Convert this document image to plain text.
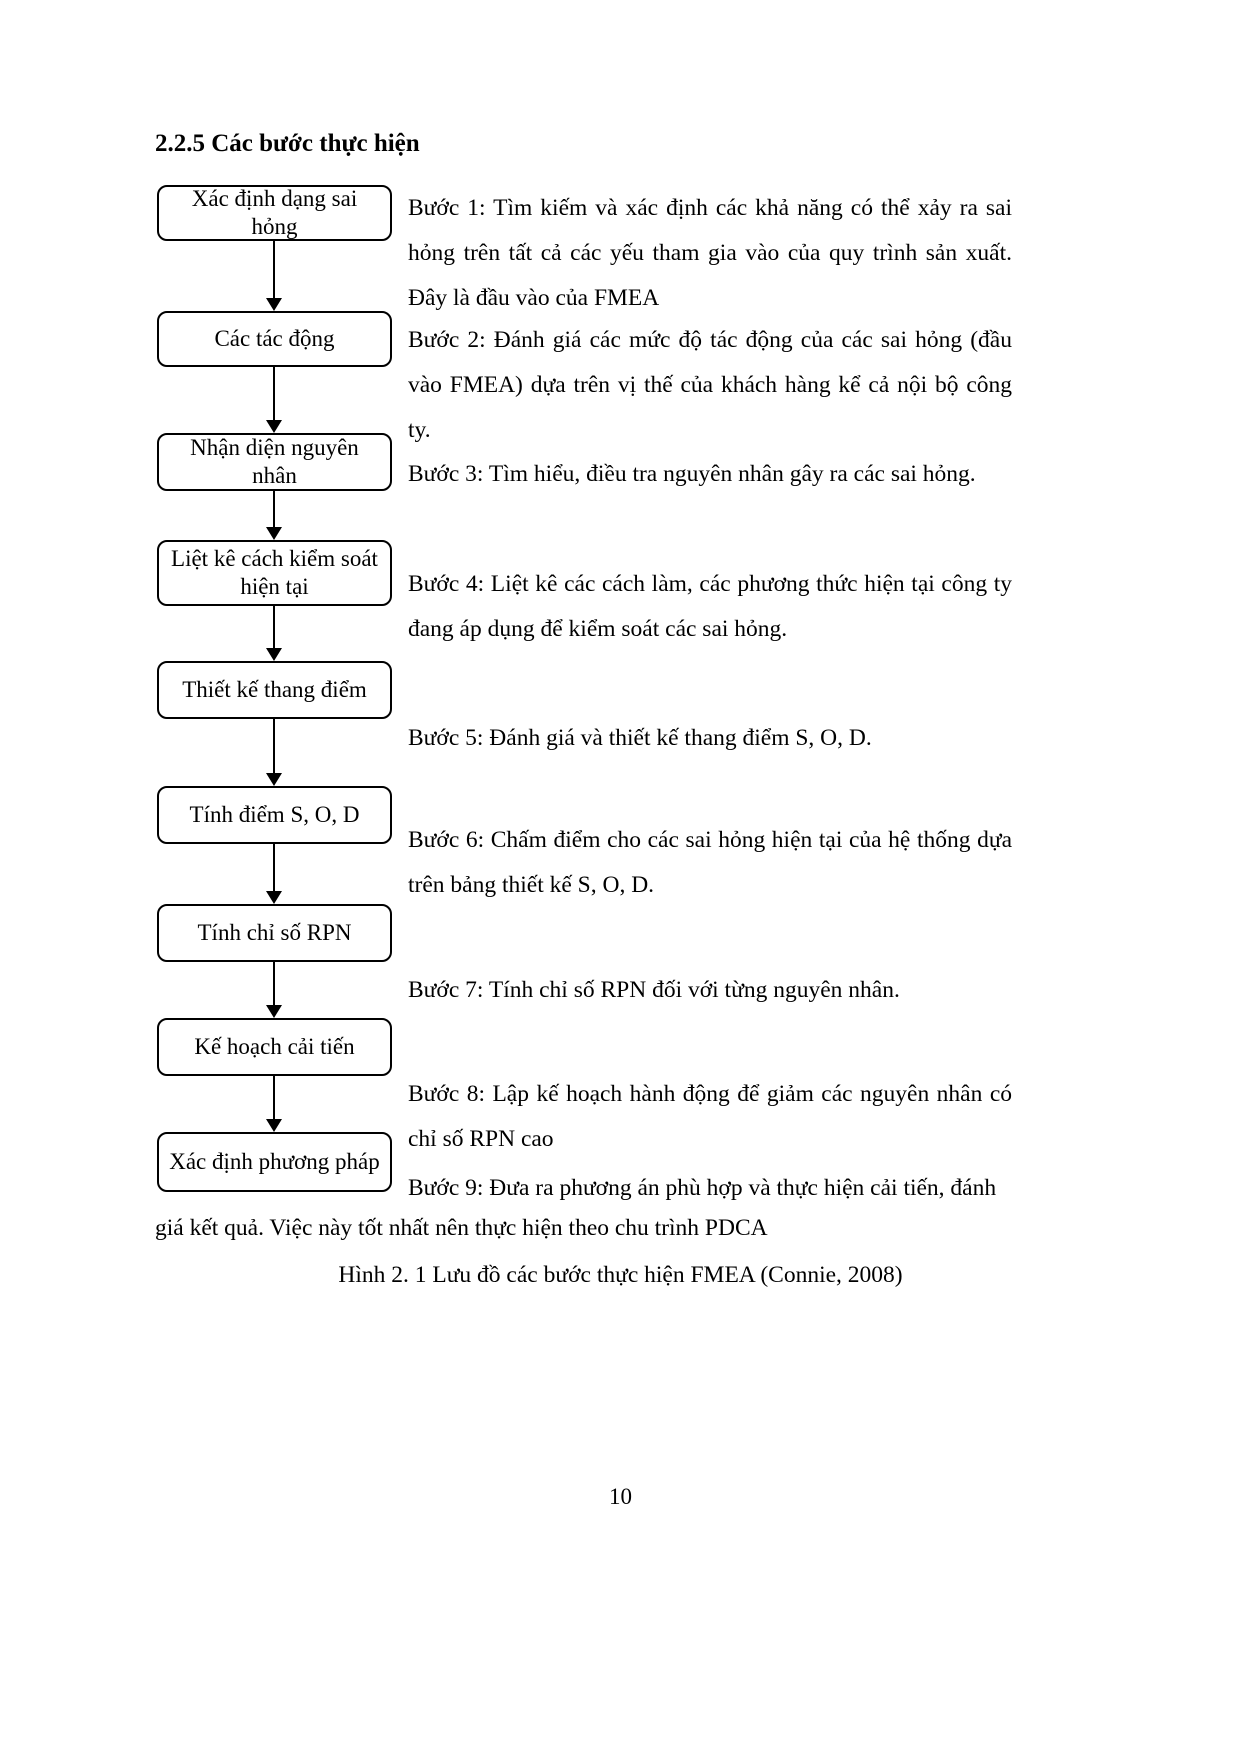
2.2.5 Các bước thực hiện
Xác định dạng sai hỏng
Các tác động
Nhận diện nguyên nhân
Liệt kê cách kiểm soát hiện tại
Thiết kế thang điểm
Tính điểm S, O, D
Tính chỉ số RPN
Kế hoạch cải tiến
Xác định phương pháp

Bước 1: Tìm kiếm và xác định các khả năng có thể xảy ra sai hỏng trên tất cả các yếu tham gia vào của quy trình sản xuất. Đây là đầu vào của FMEA

Bước 2: Đánh giá các mức độ tác động của các sai hỏng (đầu vào FMEA) dựa trên vị thế của khách hàng kể cả nội bộ công ty.

Bước 3: Tìm hiểu, điều tra nguyên nhân gây ra các sai hỏng.

Bước 4: Liệt kê các cách làm, các phương thức hiện tại công ty đang áp dụng để kiểm soát các sai hỏng.

Bước 5: Đánh giá và thiết kế thang điểm S, O, D.

Bước 6: Chấm điểm cho các sai hỏng hiện tại của hệ thống dựa trên bảng thiết kế S, O, D.

Bước 7: Tính chỉ số RPN đối với từng nguyên nhân.

Bước 8: Lập kế hoạch hành động để giảm các nguyên nhân có chỉ số RPN cao

Bước 9: Đưa ra phương án phù hợp và thực hiện cải tiến, đánh

giá kết quả. Việc này tốt nhất nên thực hiện theo chu trình PDCA

Hình 2. 1 Lưu đồ các bước thực hiện FMEA (Connie, 2008)
10
